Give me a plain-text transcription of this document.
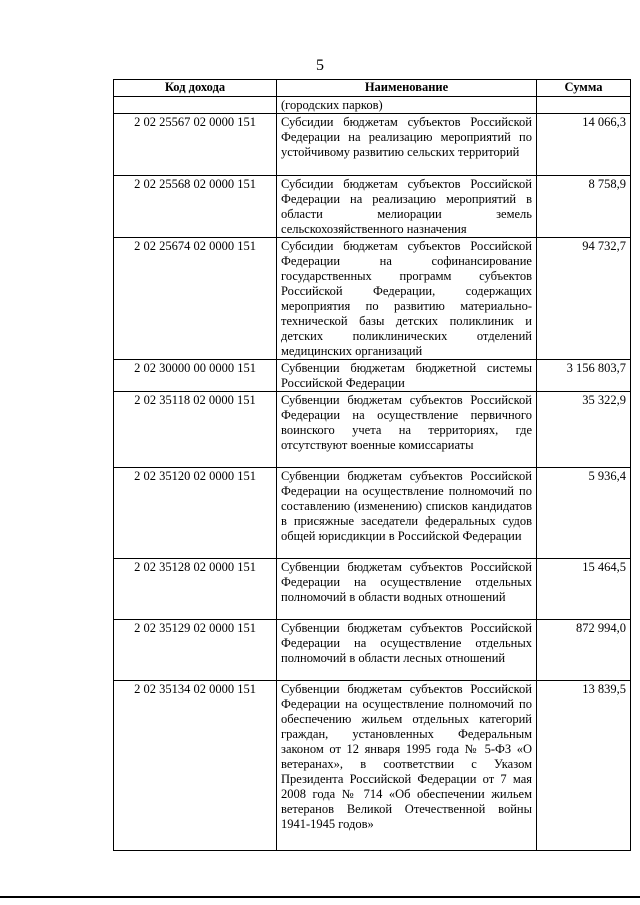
5
Код дохода	Наименование	Сумма
	(городских парков)	
2 02 25567 02 0000 151	Субсидии бюджетам субъектов Российской Федерации на реализацию мероприятий по устойчивому развитию сельских территорий	14 066,3
2 02 25568 02 0000 151	Субсидии бюджетам субъектов Российской Федерации на реализацию мероприятий в области мелиорации земель сельскохозяйственного назначения	8 758,9
2 02 25674 02 0000 151	Субсидии бюджетам субъектов Российской Федерации на софинансирование государственных программ субъектов Российской Федерации, содержащих мероприятия по развитию материально-технической базы детских поликлиник и детских поликлинических отделений медицинских организаций	94 732,7
2 02 30000 00 0000 151	Субвенции бюджетам бюджетной системы Российской Федерации	3 156 803,7
2 02 35118 02 0000 151	Субвенции бюджетам субъектов Российской Федерации на осуществление первичного воинского учета на территориях, где отсутствуют военные комиссариаты	35 322,9
2 02 35120 02 0000 151	Субвенции бюджетам субъектов Российской Федерации на осуществление полномочий по составлению (изменению) списков кандидатов в присяжные заседатели федеральных судов общей юрисдикции в Российской Федерации	5 936,4
2 02 35128 02 0000 151	Субвенции бюджетам субъектов Российской Федерации на осуществление отдельных полномочий в области водных отношений	15 464,5
2 02 35129 02 0000 151	Субвенции бюджетам субъектов Российской Федерации на осуществление отдельных полномочий в области лесных отношений	872 994,0
2 02 35134 02 0000 151	Субвенции бюджетам субъектов Российской Федерации на осуществление полномочий по обеспечению жильем отдельных категорий граждан, установленных Федеральным законом от 12 января 1995 года № 5-ФЗ «О ветеранах», в соответствии с Указом Президента Российской Федерации от 7 мая 2008 года № 714 «Об обеспечении жильем ветеранов Великой Отечественной войны 1941-1945 годов»	13 839,5
